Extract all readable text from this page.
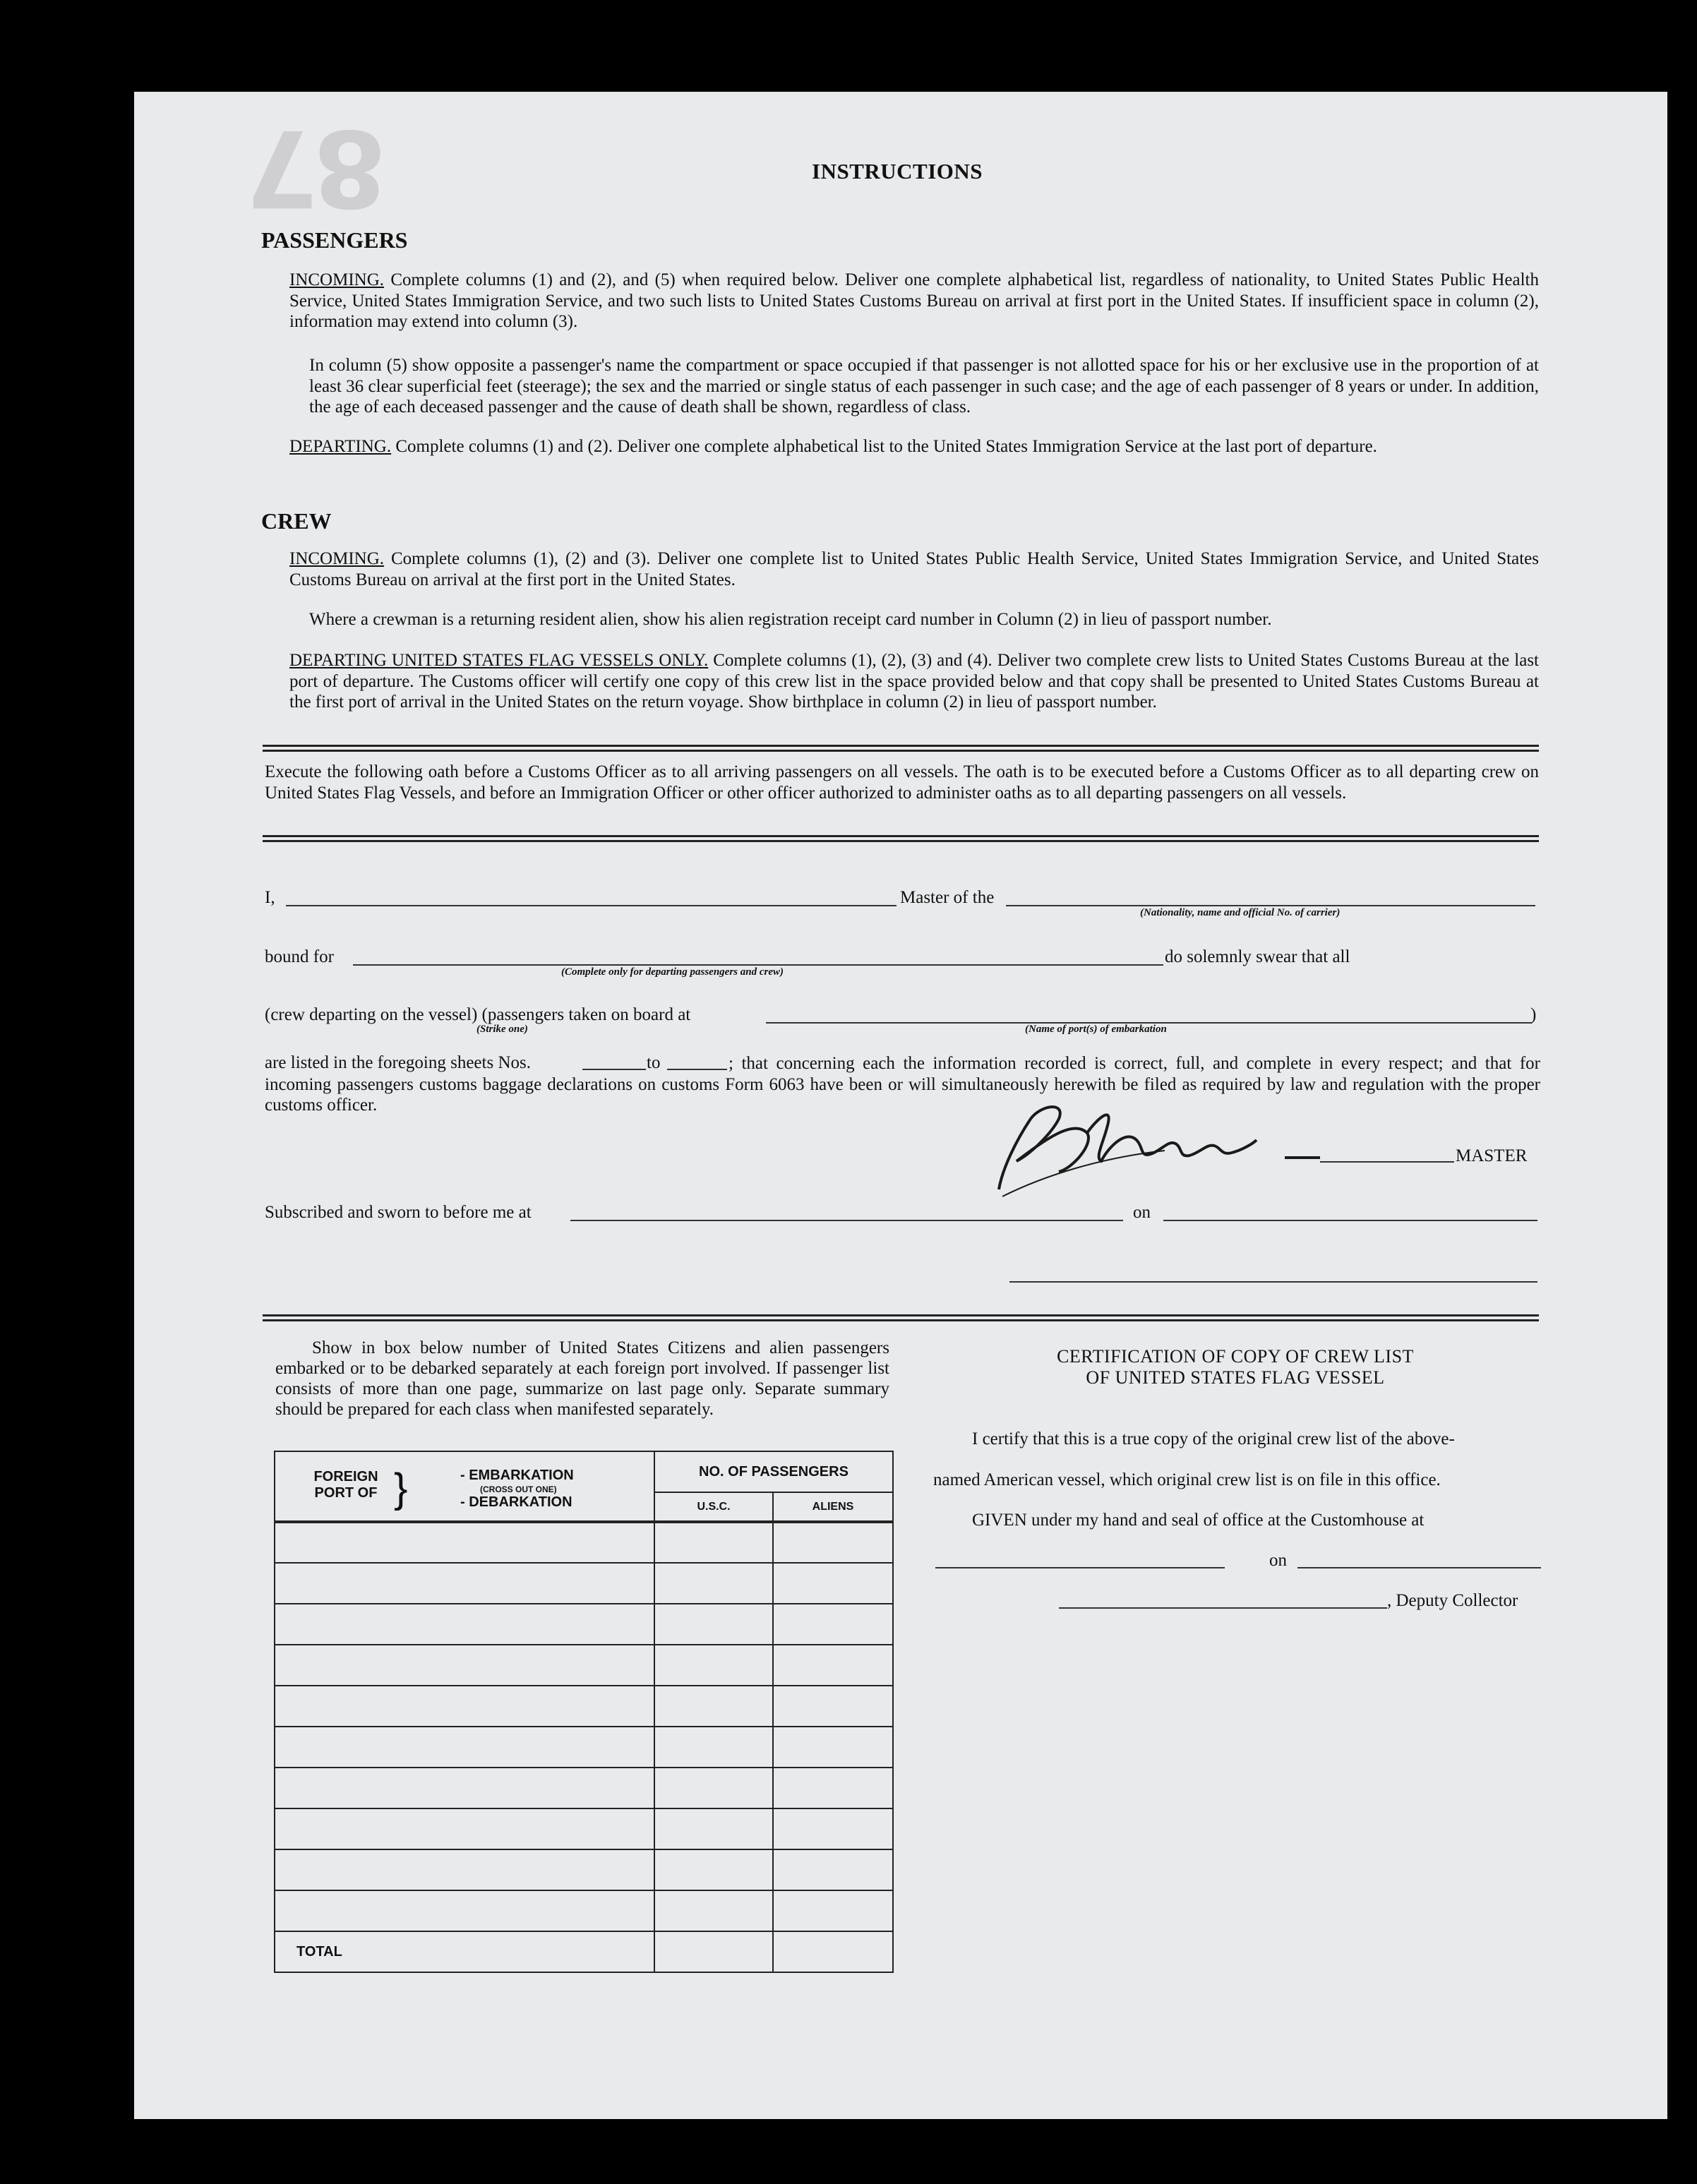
87	INSTRUCTIONS
PASSENGERS
INCOMING. Complete columns (1) and (2), and (5) when required below. Deliver one complete alphabetical list, regardless of nationality, to United States Public Health Service, United States Immigration Service, and two such lists to United States Customs Bureau on arrival at first port in the United States. If insufficient space in column (2), information may extend into column (3).
In column (5) show opposite a passenger's name the compartment or space occupied if that passenger is not allotted space for his or her exclusive use in the proportion of at least 36 clear superficial feet (steerage); the sex and the married or single status of each passenger in such case; and the age of each passenger of 8 years or under. In addition, the age of each deceased passenger and the cause of death shall be shown, regardless of class.
DEPARTING. Complete columns (1) and (2). Deliver one complete alphabetical list to the United States Immigration Service at the last port of departure.
CREW
INCOMING. Complete columns (1), (2) and (3). Deliver one complete list to United States Public Health Service, United States Immigration Service, and United States Customs Bureau on arrival at the first port in the United States.
Where a crewman is a returning resident alien, show his alien registration receipt card number in Column (2) in lieu of passport number.
DEPARTING UNITED STATES FLAG VESSELS ONLY. Complete columns (1), (2), (3) and (4). Deliver two complete crew lists to United States Customs Bureau at the last port of departure. The Customs officer will certify one copy of this crew list in the space provided below and that copy shall be presented to United States Customs Bureau at the first port of arrival in the United States on the return voyage. Show birthplace in column (2) in lieu of passport number.
Execute the following oath before a Customs Officer as to all arriving passengers on all vessels. The oath is to be executed before a Customs Officer as to all departing crew on United States Flag Vessels, and before an Immigration Officer or other officer authorized to administer oaths as to all departing passengers on all vessels.
I,	Master of the
(Nationality, name and official No. of carrier)
bound for
(Complete only for departing passengers and crew)
do solemnly swear that all
(crew departing on the vessel) (passengers taken on board at	)
(Strike one)	(Name of port(s) of embarkation
are listed in the foregoing sheets Nos.	to	; that concerning each the information recorded is correct, full, and complete in every respect; and that for incoming passengers customs baggage declarations on customs Form 6063 have been or will simultaneously herewith be filed as required by law and regulation with the proper customs officer.
MASTER
Subscribed and sworn to before me at	on
Show in box below number of United States Citizens and alien passengers embarked or to be debarked separately at each foreign port involved. If passenger list consists of more than one page, summarize on last page only. Separate summary should be prepared for each class when manifested separately.
FOREIGN PORT OF } - EMBARKATION
(CROSS OUT ONE)
- DEBARKATION	NO. OF PASSENGERS	
	U.S.C.	ALIENS

TOTAL		
CERTIFICATION OF COPY OF CREW LIST
OF UNITED STATES FLAG VESSEL
I certify that this is a true copy of the original crew list of the above-
named American vessel, which original crew list is on file in this office.
GIVEN under my hand and seal of office at the Customhouse at
on
, Deputy Collector
